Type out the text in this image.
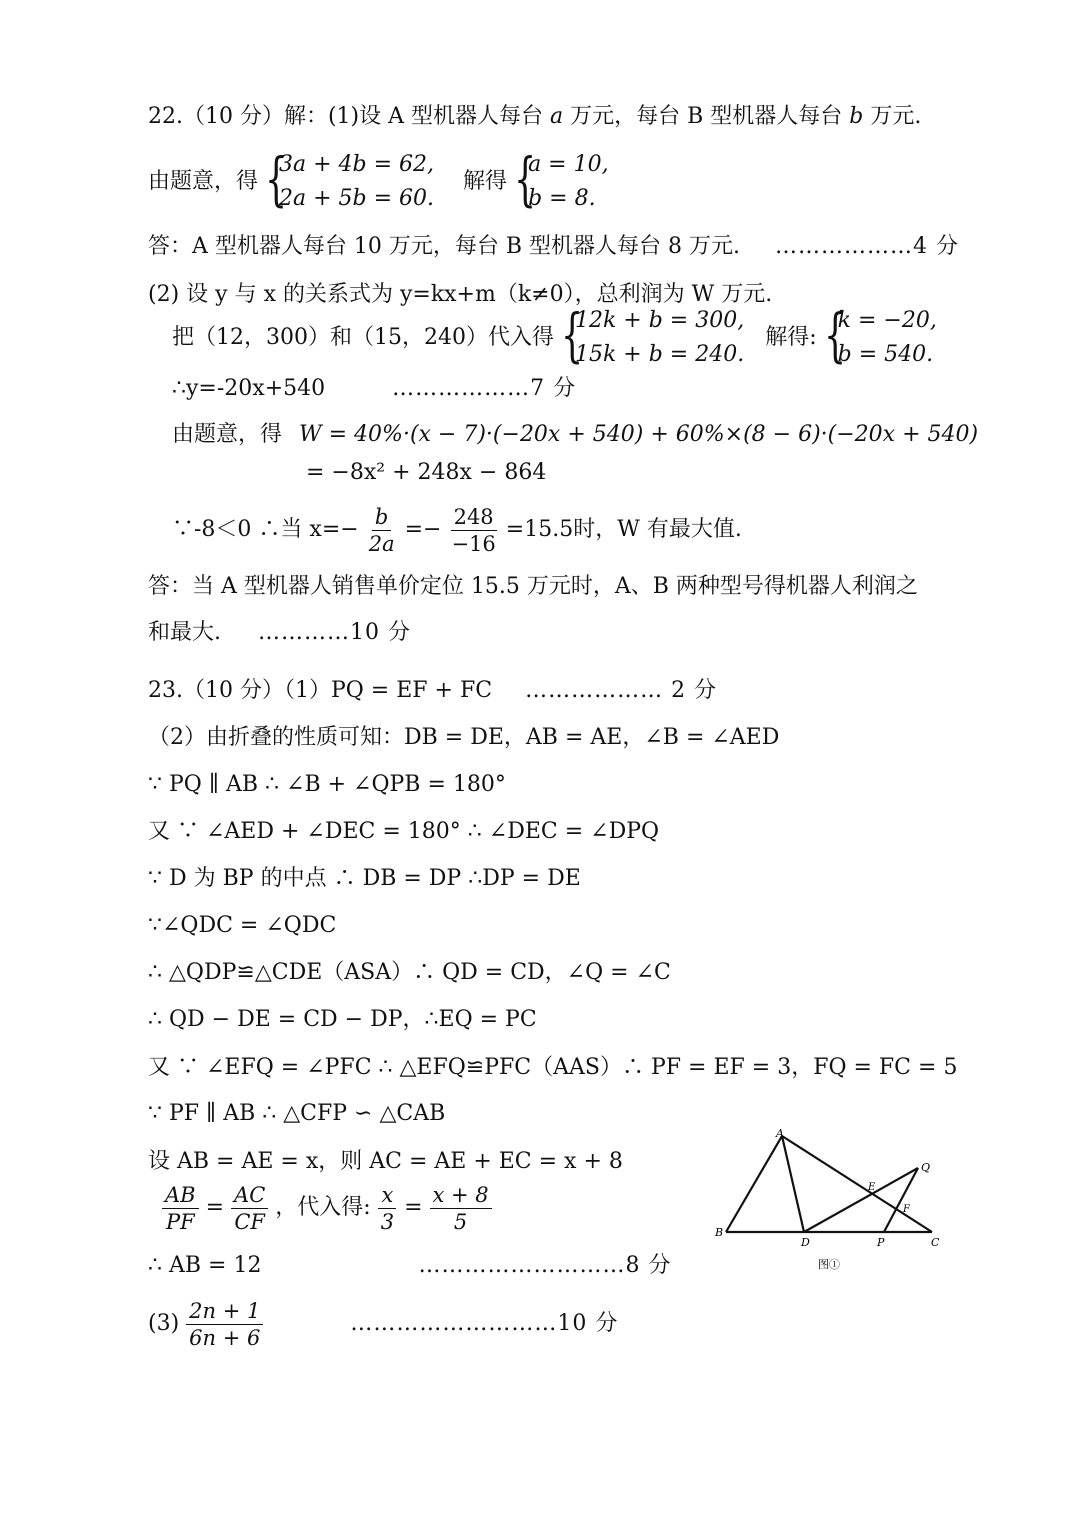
22.（10 分）解：(1)设 A 型机器人每台 a 万元，每台 B 型机器人每台 b 万元.
由题意，得 {
3a + 4b = 62,
2a + 5b = 60.
解得 {
a = 10,
b = 8.
答：A 型机器人每台 10 万元，每台 B 型机器人每台 8 万元. ………………4 分
(2) 设 y 与 x 的关系式为 y=kx+m（k≠0），总利润为 W 万元.
把（12，300）和（15，240）代入得 {
12k + b = 300,
15k + b = 240.
解得: {
k = −20,
b = 540.
∴y=-20x+540	………………7 分
由题意，得 W = 40%·(x − 7)·(−20x + 540) + 60%×(8 − 6)·(−20x + 540)
= −8x² + 248x − 864
∵-8＜0 ∴当 $x=- \frac{b}{2a} =- \frac{248}{-16} =15.5$时，W 有最大值.
答：当 A 型机器人销售单价定位 15.5 万元时，A、B 两种型号得机器人利润之
和最大. …………10 分
23.（10 分）（1）PQ = EF + FC ……………… 2 分
（2）由折叠的性质可知：DB = DE，AB = AE，∠B = ∠AED
∵ PQ ∥ AB ∴ ∠B + ∠QPB = 180°
又 ∵ ∠AED + ∠DEC = 180° ∴ ∠DEC = ∠DPQ
∵ D 为 BP 的中点 ∴ DB = DP ∴DP = DE
∵∠QDC = ∠QDC
∴ △QDP≌△CDE（ASA）∴ QD = CD，∠Q = ∠C
∴ QD − DE = CD − DP，∴EQ = PC
又 ∵ ∠EFQ = ∠PFC ∴ △EFQ≌PFC（AAS）∴ PF = EF = 3，FQ = FC = 5
∵ PF ∥ AB ∴ △CFP ∽ △CAB
设 AB = AE = x，则 AC = AE + EC = x + 8
$\frac{AB}{PF} = \frac{AC}{CF}$ ，代入得: $\frac{x}{3} = \frac{x + 8}{5}$
∴ AB = 12	………………………8 分
$(3) \frac{2n + 1}{6n + 6}$	………………………10 分
A
B
D	P	C
E
F
Q
图①
